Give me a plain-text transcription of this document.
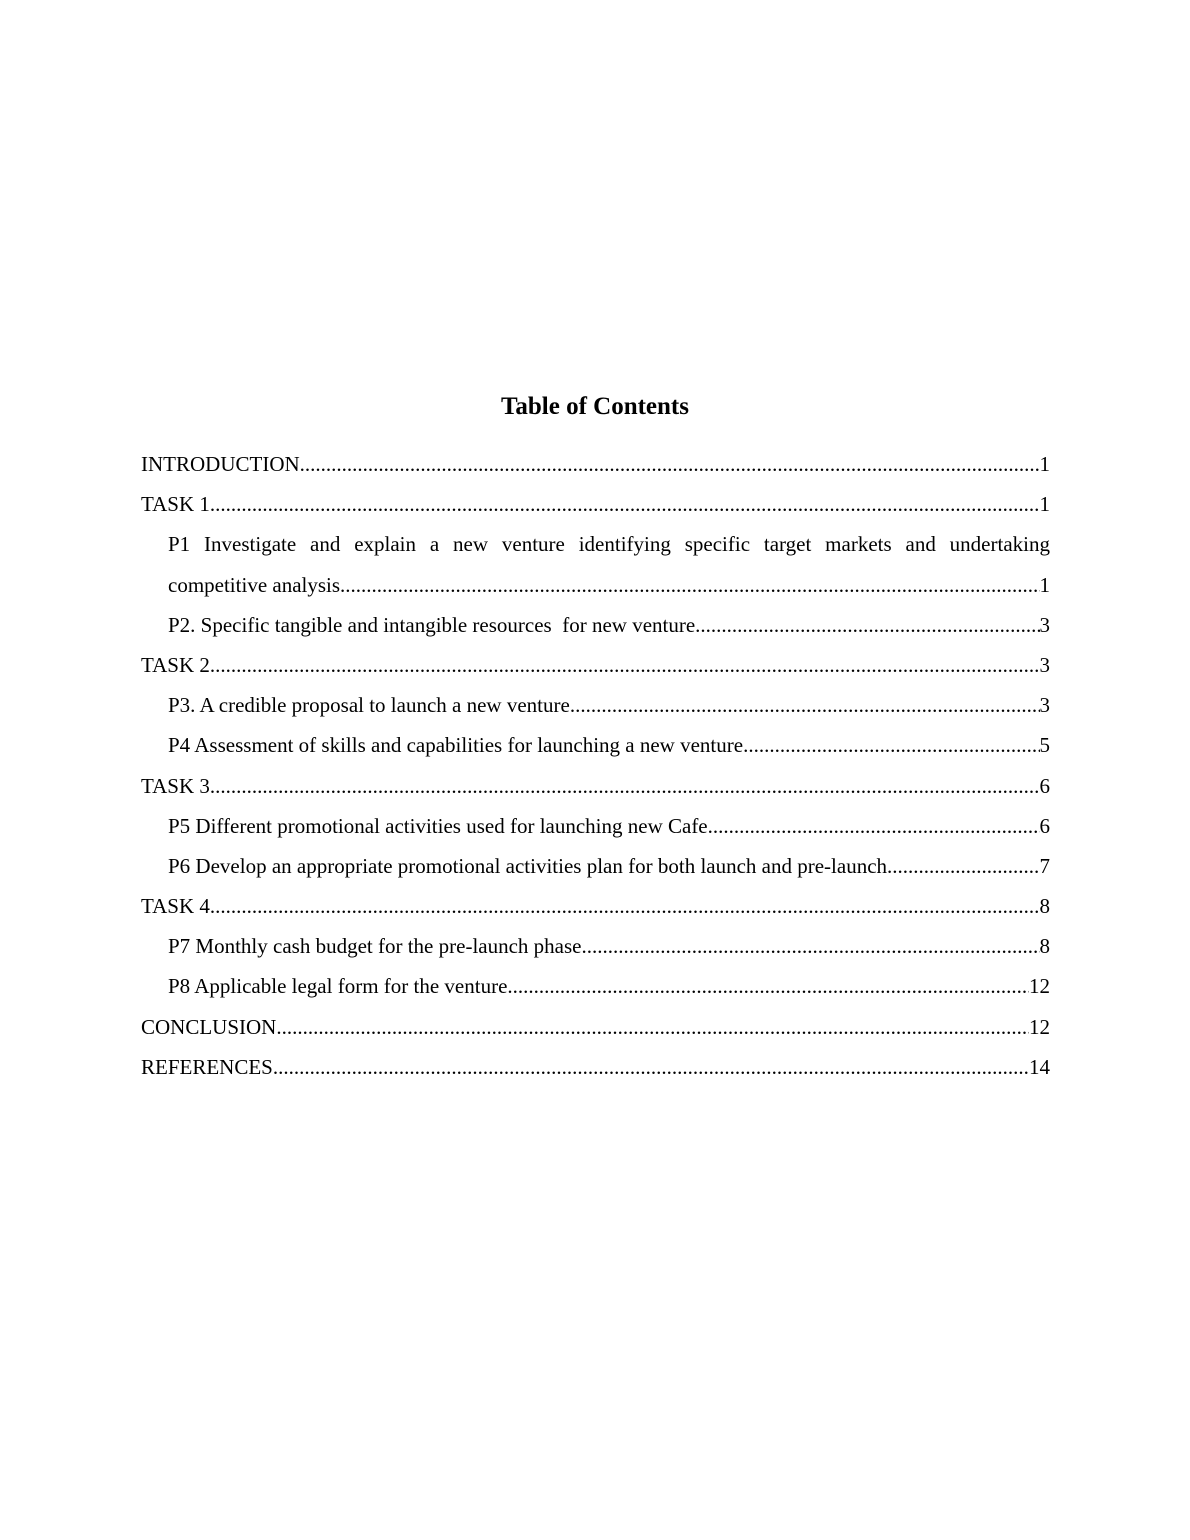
Table of Contents
INTRODUCTION .....	1
TASK 1 .....	1
P1 Investigate and explain a new venture identifying specific target markets and undertaking
competitive analysis .....	1
P2. Specific tangible and intangible resources  for new venture .....	3
TASK 2 .....	3
P3. A credible proposal to launch a new venture .....	3
P4 Assessment of skills and capabilities for launching a new venture .....	5
TASK 3 .....	6
P5 Different promotional activities used for launching new Cafe .....	6
P6 Develop an appropriate promotional activities plan for both launch and pre-launch .....	7
TASK 4 .....	8
P7 Monthly cash budget for the pre-launch phase .....	8
P8 Applicable legal form for the venture .....	12
CONCLUSION .....	12
REFERENCES .....	14
